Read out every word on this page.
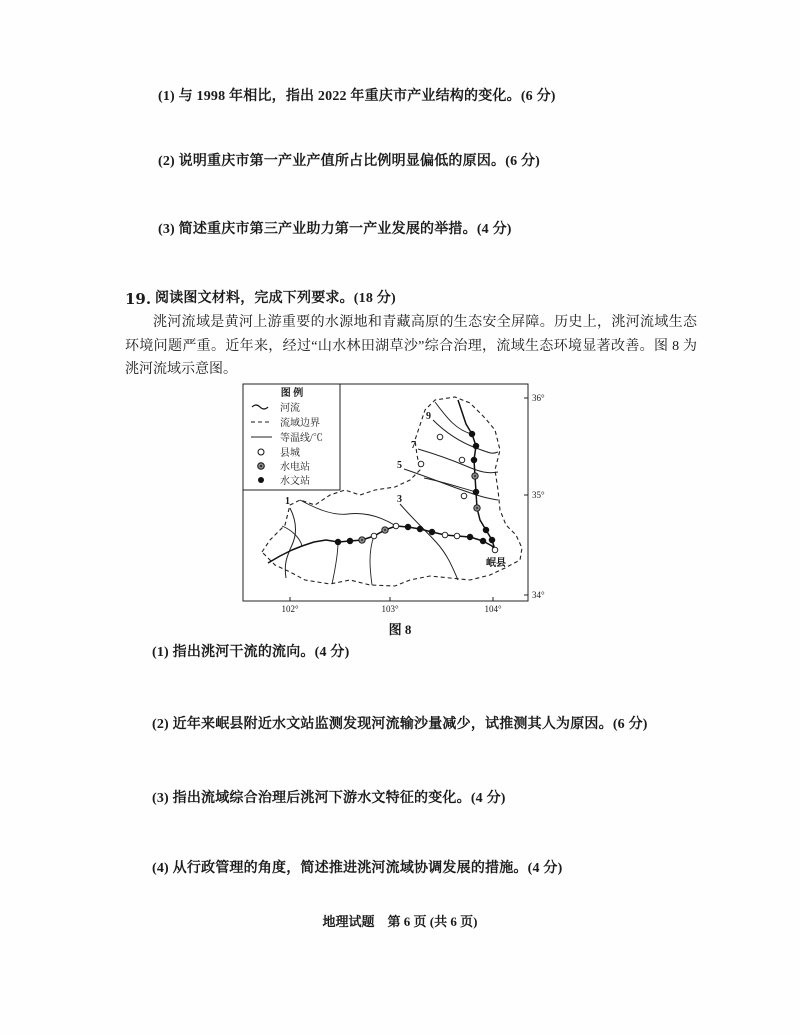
(1) 与 1998 年相比，指出 2022 年重庆市产业结构的变化。(6 分)
(2) 说明重庆市第一产业产值所占比例明显偏低的原因。(6 分)
(3) 简述重庆市第三产业助力第一产业发展的举措。(4 分)
19. 阅读图文材料，完成下列要求。(18 分)
洮河流域是黄河上游重要的水源地和青藏高原的生态安全屏障。历史上，洮河流域生态环境问题严重。近年来，经过“山水林田湖草沙”综合治理，流域生态环境显著改善。图 8 为洮河流域示意图。
9
7
5
3
1
岷县
36°
35°
34°
102°	103°	104°
图 例
河流
流域边界
等温线/℃
县城
水电站
水文站
图 8
(1) 指出洮河干流的流向。(4 分)
(2) 近年来岷县附近水文站监测发现河流输沙量减少，试推测其人为原因。(6 分)
(3) 指出流域综合治理后洮河下游水文特征的变化。(4 分)
(4) 从行政管理的角度，简述推进洮河流域协调发展的措施。(4 分)
地理试题　第 6 页 (共 6 页)
